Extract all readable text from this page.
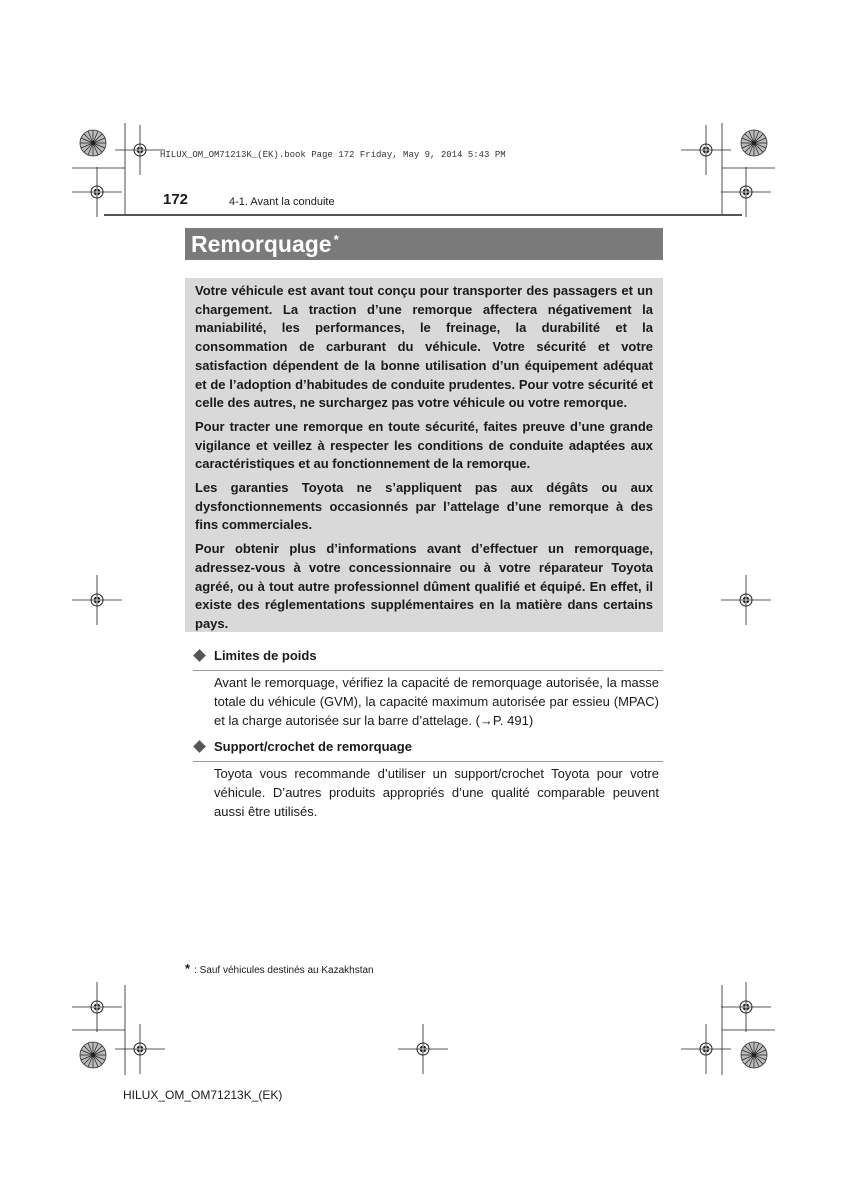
HILUX_OM_OM71213K_(EK).book Page 172 Friday, May 9, 2014 5:43 PM
172	4-1. Avant la conduite
Remorquage *

Votre véhicule est avant tout conçu pour transporter des passagers et un chargement. La traction d’une remorque affectera négativement la maniabilité, les performances, le freinage, la durabilité et la consommation de carburant du véhicule. Votre sécurité et votre satisfaction dépendent de la bonne utilisation d’un équipement adéquat et de l’adoption d’habitudes de conduite prudentes. Pour votre sécurité et celle des autres, ne surchargez pas votre véhicule ou votre remorque.

Pour tracter une remorque en toute sécurité, faites preuve d’une grande vigilance et veillez à respecter les conditions de conduite adaptées aux caractéristiques et au fonctionnement de la remorque.

Les garanties Toyota ne s’appliquent pas aux dégâts ou aux dysfonctionnements occasionnés par l’attelage d’une remorque à des fins commerciales.

Pour obtenir plus d’informations avant d’effectuer un remorquage, adressez-vous à votre concessionnaire ou à votre réparateur Toyota agréé, ou à tout autre professionnel dûment qualifié et équipé. En effet, il existe des réglementations supplémentaires en la matière dans certains pays.

Limites de poids
Avant le remorquage, vérifiez la capacité de remorquage autorisée, la masse totale du véhicule (GVM), la capacité maximum autorisée par essieu (MPAC) et la charge autorisée sur la barre d’attelage. (→P. 491)
Support/crochet de remorquage
Toyota vous recommande d’utiliser un support/crochet Toyota pour votre véhicule. D’autres produits appropriés d’une qualité comparable peuvent aussi être utilisés.
* : Sauf véhicules destinés au Kazakhstan
HILUX_OM_OM71213K_(EK)
